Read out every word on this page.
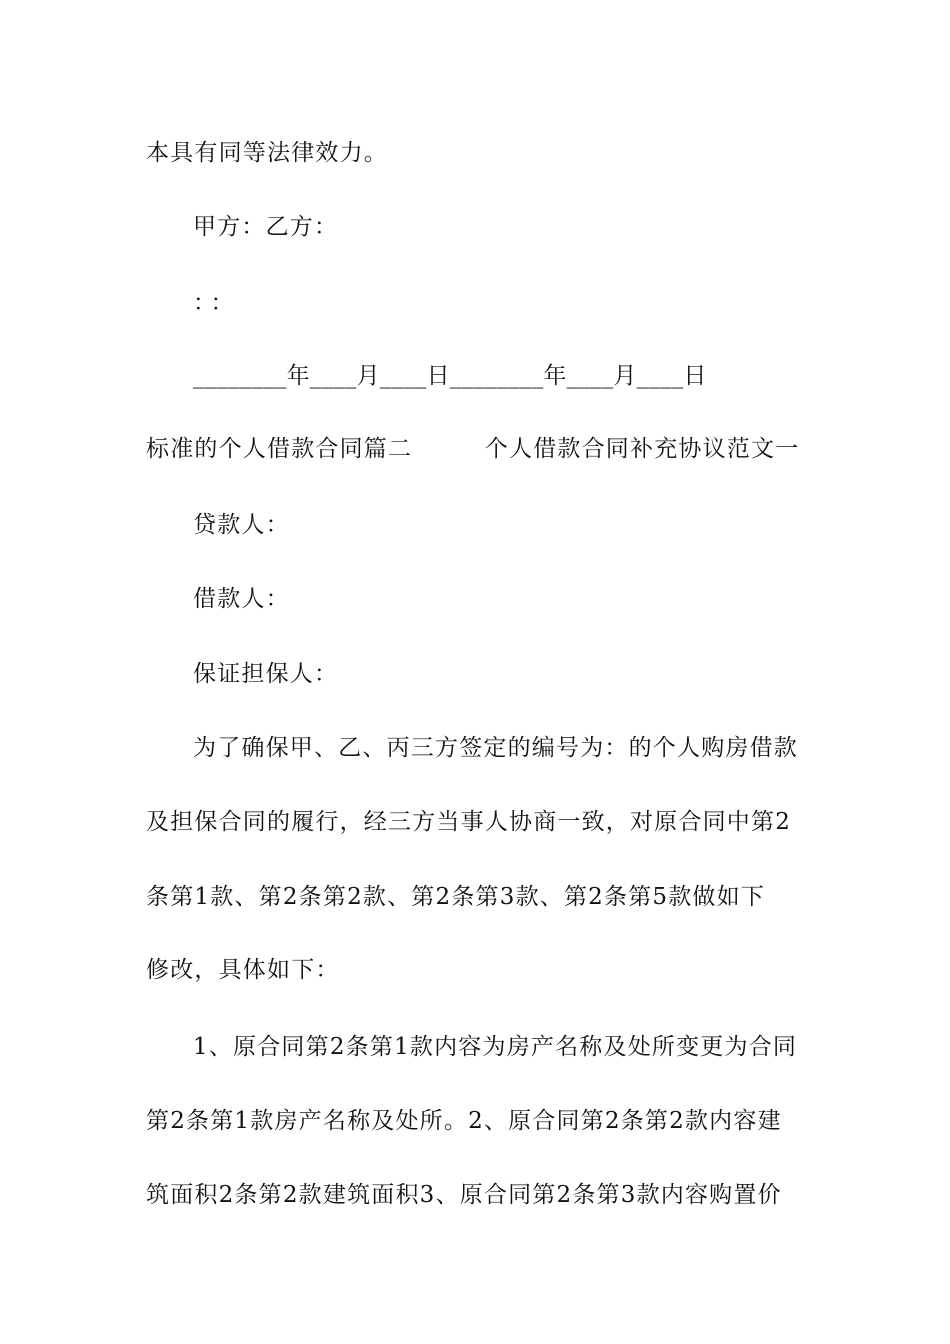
本具有同等法律效力。
甲方：乙方：
：：
________年____月____日________年____月____日
标准的个人借款合同篇二　　　个人借款合同补充协议范文一
贷款人：
借款人：
保证担保人：
为了确保甲、乙、丙三方签定的编号为：的个人购房借款
及担保合同的履行，经三方当事人协商一致，对原合同中第2
条第1款、第2条第2款、第2条第3款、第2条第5款做如下
修改，具体如下：
1、原合同第2条第1款内容为房产名称及处所变更为合同
第2条第1款房产名称及处所。2、原合同第2条第2款内容建
筑面积2条第2款建筑面积3、原合同第2条第3款内容购置价
